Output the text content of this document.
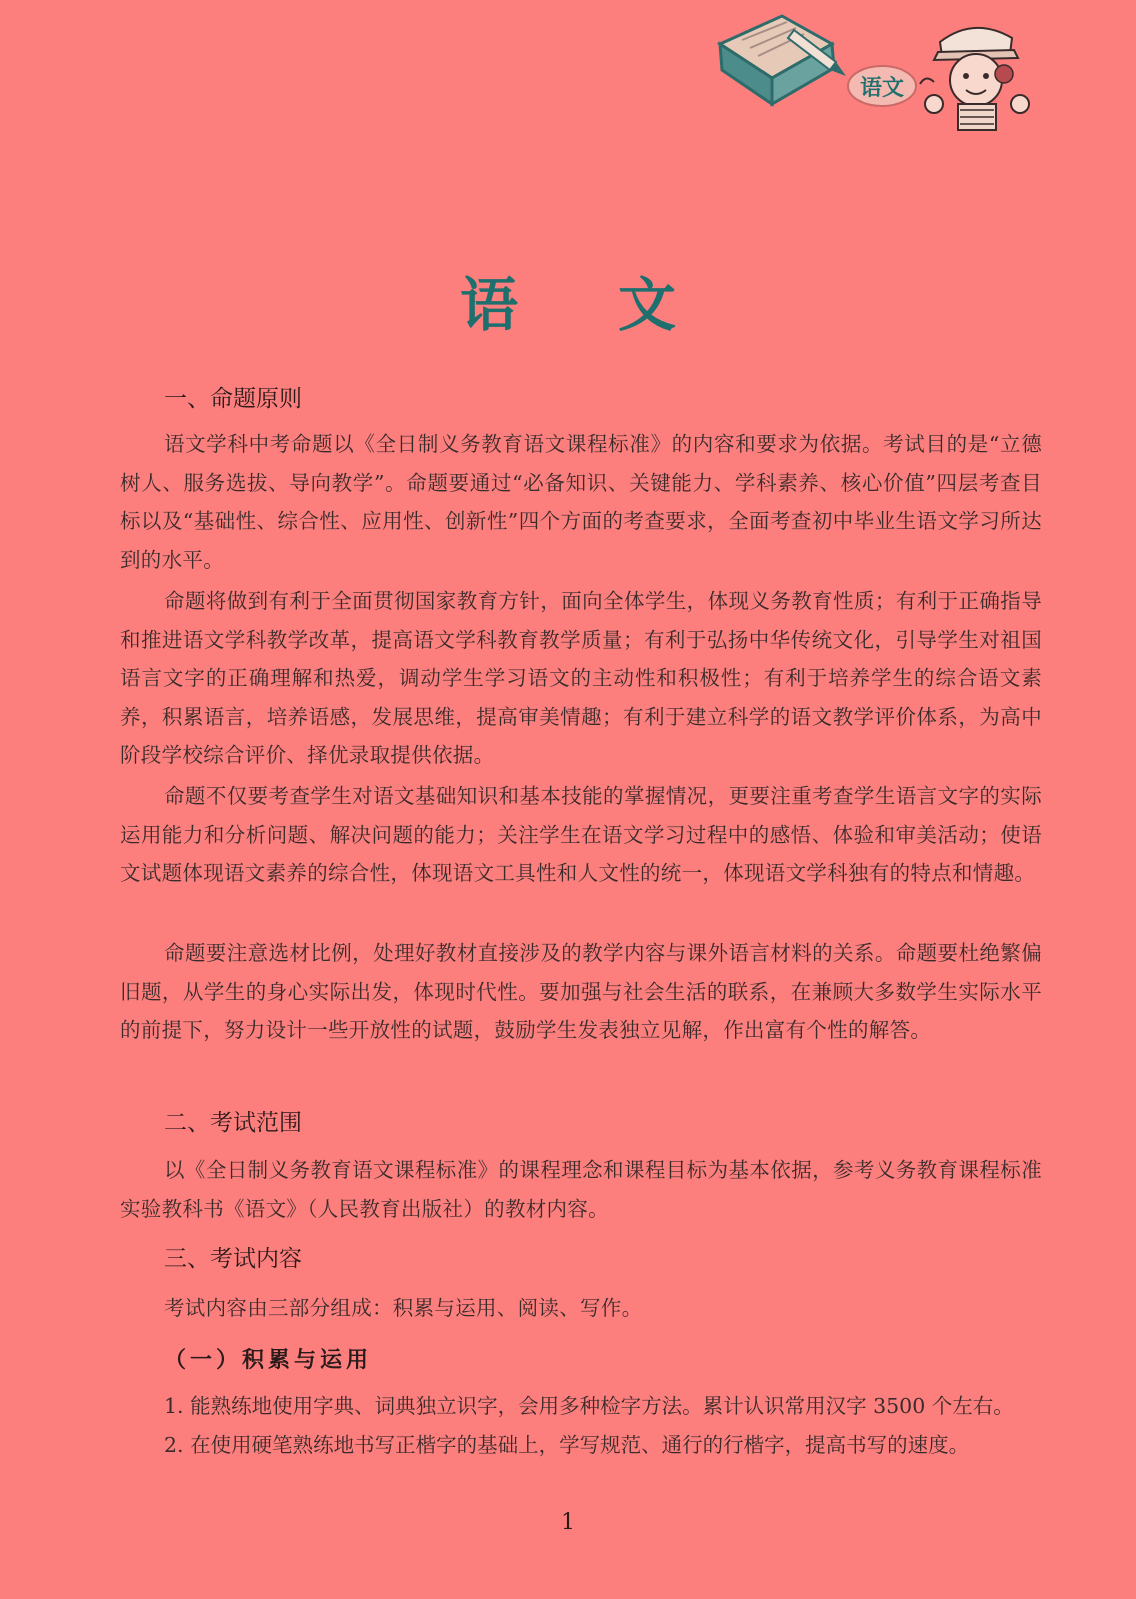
语文
语文
一、命题原则

语文学科中考命题以《全日制义务教育语文课程标准》的内容和要求为依据。考试目的是“立德树人、服务选拔、导向教学”。命题要通过“必备知识、关键能力、学科素养、核心价值”四层考查目标以及“基础性、综合性、应用性、创新性”四个方面的考查要求，全面考查初中毕业生语文学习所达到的水平。

命题将做到有利于全面贯彻国家教育方针，面向全体学生，体现义务教育性质；有利于正确指导和推进语文学科教学改革，提高语文学科教育教学质量；有利于弘扬中华传统文化，引导学生对祖国语言文字的正确理解和热爱，调动学生学习语文的主动性和积极性；有利于培养学生的综合语文素养，积累语言，培养语感，发展思维，提高审美情趣；有利于建立科学的语文教学评价体系，为高中阶段学校综合评价、择优录取提供依据。

命题不仅要考查学生对语文基础知识和基本技能的掌握情况，更要注重考查学生语言文字的实际运用能力和分析问题、解决问题的能力；关注学生在语文学习过程中的感悟、体验和审美活动；使语文试题体现语文素养的综合性，体现语文工具性和人文性的统一，体现语文学科独有的特点和情趣。

命题要注意选材比例，处理好教材直接涉及的教学内容与课外语言材料的关系。命题要杜绝繁偏旧题，从学生的身心实际出发，体现时代性。要加强与社会生活的联系，在兼顾大多数学生实际水平的前提下，努力设计一些开放性的试题，鼓励学生发表独立见解，作出富有个性的解答。

二、考试范围

以《全日制义务教育语文课程标准》的课程理念和课程目标为基本依据，参考义务教育课程标准实验教科书《语文》（人民教育出版社）的教材内容。

三、考试内容

考试内容由三部分组成：积累与运用、阅读、写作。

（一）积累与运用

1. 能熟练地使用字典、词典独立识字，会用多种检字方法。累计认识常用汉字 3500 个左右。

2. 在使用硬笔熟练地书写正楷字的基础上，学写规范、通行的行楷字，提高书写的速度。

1
